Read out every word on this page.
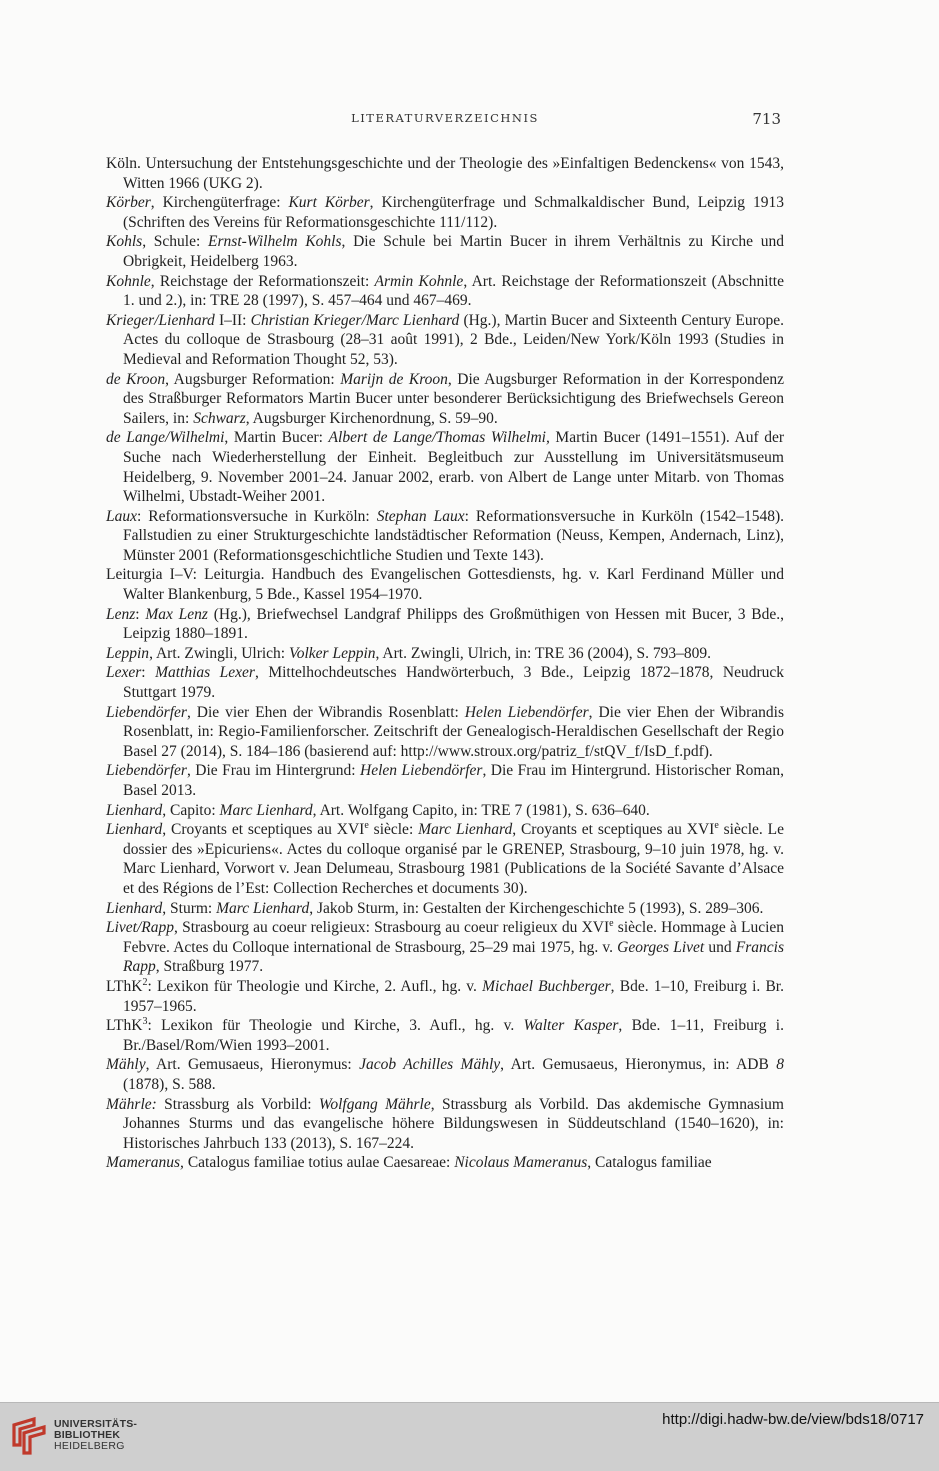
LITERATURVERZEICHNIS	713
Köln. Untersuchung der Entstehungsgeschichte und der Theologie des »Einfaltigen Bedenckens« von 1543, Witten 1966 (UKG 2).
Körber, Kirchengüterfrage: Kurt Körber, Kirchengüterfrage und Schmalkaldischer Bund, Leipzig 1913 (Schriften des Vereins für Reformationsgeschichte 111/112).
Kohls, Schule: Ernst-Wilhelm Kohls, Die Schule bei Martin Bucer in ihrem Verhältnis zu Kirche und Obrigkeit, Heidelberg 1963.
Kohnle, Reichstage der Reformationszeit: Armin Kohnle, Art. Reichstage der Reformationszeit (Abschnitte 1. und 2.), in: TRE 28 (1997), S. 457–464 und 467–469.
Krieger/Lienhard I–II: Christian Krieger/Marc Lienhard (Hg.), Martin Bucer and Sixteenth Century Europe. Actes du colloque de Strasbourg (28–31 août 1991), 2 Bde., Leiden/New York/Köln 1993 (Studies in Medieval and Reformation Thought 52, 53).
de Kroon, Augsburger Reformation: Marijn de Kroon, Die Augsburger Reformation in der Korrespondenz des Straßburger Reformators Martin Bucer unter besonderer Berücksichtigung des Briefwechsels Gereon Sailers, in: Schwarz, Augsburger Kirchenordnung, S. 59–90.
de Lange/Wilhelmi, Martin Bucer: Albert de Lange/Thomas Wilhelmi, Martin Bucer (1491–1551). Auf der Suche nach Wiederherstellung der Einheit. Begleitbuch zur Ausstellung im Universitätsmuseum Heidelberg, 9. November 2001–24. Januar 2002, erarb. von Albert de Lange unter Mitarb. von Thomas Wilhelmi, Ubstadt-Weiher 2001.
Laux: Reformationsversuche in Kurköln: Stephan Laux: Reformationsversuche in Kurköln (1542–1548). Fallstudien zu einer Strukturgeschichte landstädtischer Reformation (Neuss, Kempen, Andernach, Linz), Münster 2001 (Reformationsgeschichtliche Studien und Texte 143).
Leiturgia I–V: Leiturgia. Handbuch des Evangelischen Gottesdiensts, hg. v. Karl Ferdinand Müller und Walter Blankenburg, 5 Bde., Kassel 1954–1970.
Lenz: Max Lenz (Hg.), Briefwechsel Landgraf Philipps des Großmüthigen von Hessen mit Bucer, 3 Bde., Leipzig 1880–1891.
Leppin, Art. Zwingli, Ulrich: Volker Leppin, Art. Zwingli, Ulrich, in: TRE 36 (2004), S. 793–809.
Lexer: Matthias Lexer, Mittelhochdeutsches Handwörterbuch, 3 Bde., Leipzig 1872–1878, Neudruck Stuttgart 1979.
Liebendörfer, Die vier Ehen der Wibrandis Rosenblatt: Helen Liebendörfer, Die vier Ehen der Wibrandis Rosenblatt, in: Regio-Familienforscher. Zeitschrift der Genealogisch-Heraldischen Gesellschaft der Regio Basel 27 (2014), S. 184–186 (basierend auf: http://www.stroux.org/patriz_f/stQV_f/IsD_f.pdf).
Liebendörfer, Die Frau im Hintergrund: Helen Liebendörfer, Die Frau im Hintergrund. Historischer Roman, Basel 2013.
Lienhard, Capito: Marc Lienhard, Art. Wolfgang Capito, in: TRE 7 (1981), S. 636–640.
Lienhard, Croyants et sceptiques au XVIe siècle: Marc Lienhard, Croyants et sceptiques au XVIe siècle. Le dossier des »Epicuriens«. Actes du colloque organisé par le GRENEP, Strasbourg, 9–10 juin 1978, hg. v. Marc Lienhard, Vorwort v. Jean Delumeau, Strasbourg 1981 (Publications de la Société Savante d’Alsace et des Régions de l’Est: Collection Recherches et documents 30).
Lienhard, Sturm: Marc Lienhard, Jakob Sturm, in: Gestalten der Kirchengeschichte 5 (1993), S. 289–306.
Livet/Rapp, Strasbourg au coeur religieux: Strasbourg au coeur religieux du XVIe siècle. Hommage à Lucien Febvre. Actes du Colloque international de Strasbourg, 25–29 mai 1975, hg. v. Georges Livet und Francis Rapp, Straßburg 1977.
LThK$^2$: Lexikon für Theologie und Kirche, 2. Aufl., hg. v. Michael Buchberger, Bde. 1–10, Freiburg i. Br. 1957–1965.
LThK$^3$: Lexikon für Theologie und Kirche, 3. Aufl., hg. v. Walter Kasper, Bde. 1–11, Freiburg i. Br./Basel/Rom/Wien 1993–2001.
Mähly, Art. Gemusaeus, Hieronymus: Jacob Achilles Mähly, Art. Gemusaeus, Hieronymus, in: ADB 8 (1878), S. 588.
Mährle: Strassburg als Vorbild: Wolfgang Mährle, Strassburg als Vorbild. Das akdemische Gymnasium Johannes Sturms und das evangelische höhere Bildungswesen in Süddeutschland (1540–1620), in: Historisches Jahrbuch 133 (2013), S. 167–224.
Mameranus, Catalogus familiae totius aulae Caesareae: Nicolaus Mameranus, Catalogus familiae
UNIVERSITÄTS-
BIBLIOTHEK
HEIDELBERG
http://digi.hadw-bw.de/view/bds18/0717
